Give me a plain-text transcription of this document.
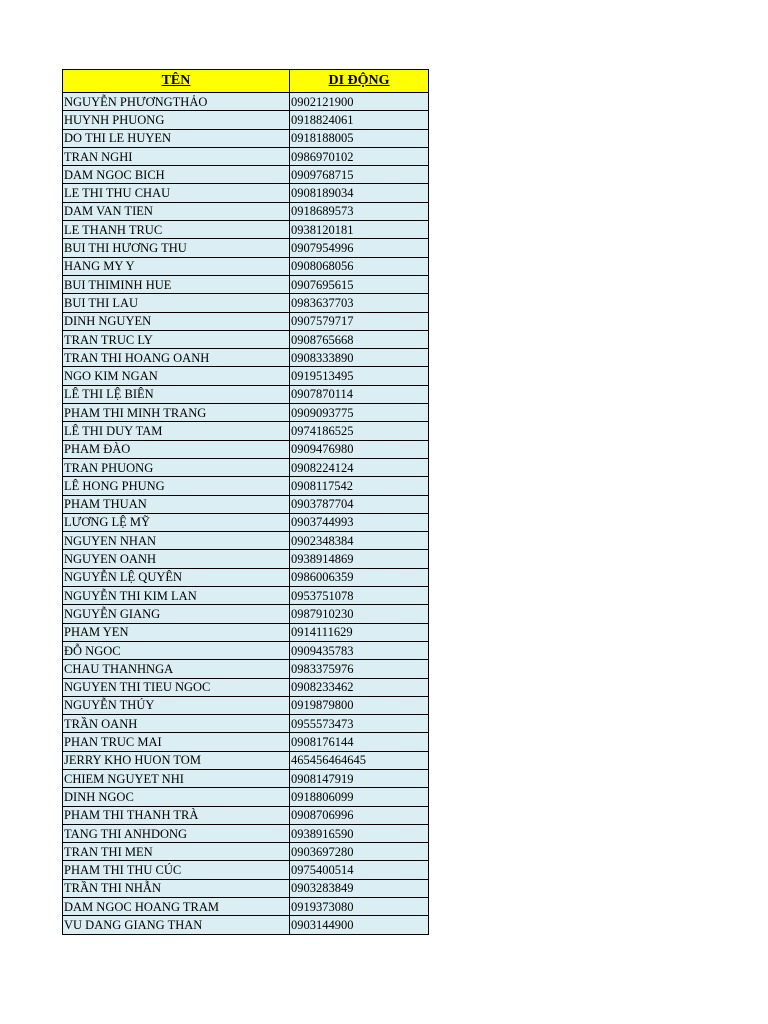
TÊN	DI ĐỘNG
NGUYỄN PHƯƠNGTHẢO	0902121900
HUYNH PHUONG	0918824061
DO THI LE HUYEN	0918188005
TRAN NGHI	0986970102
DAM NGOC BICH	0909768715
LE THI THU CHAU	0908189034
DAM VAN TIEN	0918689573
LE THANH TRUC	0938120181
BUI THI HƯƠNG THU	0907954996
HANG MY Y	0908068056
BUI THIMINH HUE	0907695615
BUI THI LAU	0983637703
DINH NGUYEN	0907579717
TRAN TRUC LY	0908765668
TRAN THI HOANG OANH	0908333890
NGO KIM NGAN	0919513495
LÊ THI LỆ BIÊN	0907870114
PHAM THI MINH TRANG	0909093775
LÊ THI DUY TAM	0974186525
PHAM ĐÀO	0909476980
TRAN PHUONG	0908224124
LÊ HONG PHUNG	0908117542
PHAM THUAN	0903787704
LƯƠNG LỆ MỸ	0903744993
NGUYEN NHAN	0902348384
NGUYEN OANH	0938914869
NGUYỄN LỆ QUYÊN	0986006359
NGUYỄN THI KIM LAN	0953751078
NGUYỄN GIANG	0987910230
PHAM YEN	0914111629
ĐỖ NGOC	0909435783
CHAU THANHNGA	0983375976
NGUYEN THI TIEU NGOC	0908233462
NGUYỄN THÚY	0919879800
TRẦN OANH	0955573473
PHAN TRUC MAI	0908176144
JERRY KHO HUON TOM	465456464645
CHIEM NGUYET NHI	0908147919
DINH NGOC	0918806099
PHAM THI THANH TRÀ	0908706996
TANG THI ANHDONG	0938916590
TRAN THI MEN	0903697280
PHAM THI THU CÚC	0975400514
TRẦN THI NHẪN	0903283849
DAM NGOC HOANG TRAM	0919373080
VU DANG GIANG THAN	0903144900
